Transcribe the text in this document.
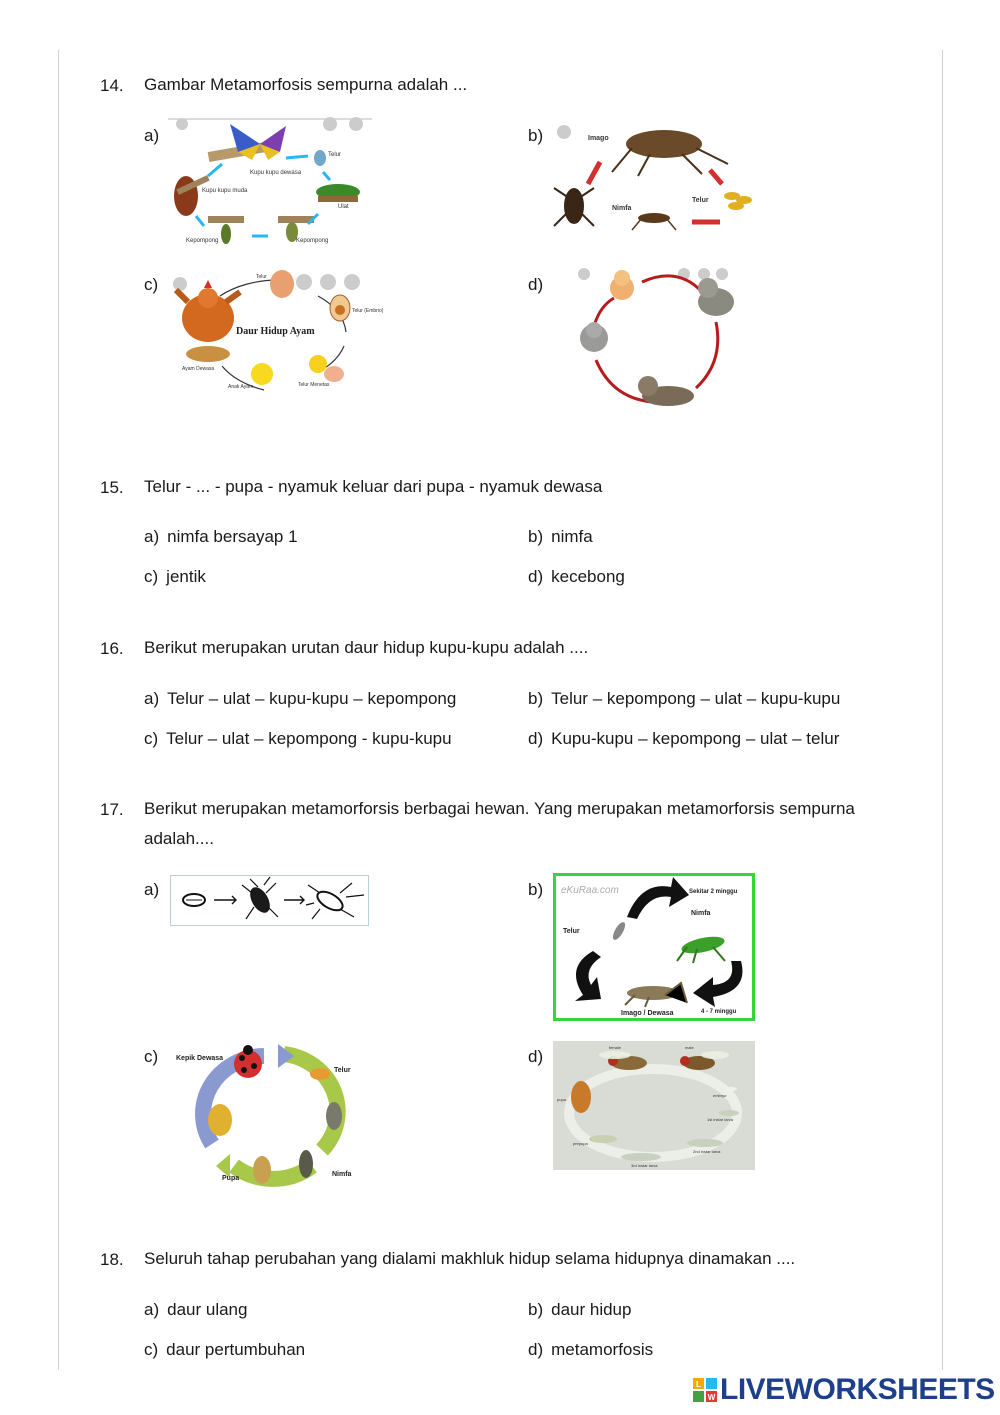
14. Gambar Metamorfosis sempurna adalah ...
a)
Telur
Kupu kupu dewasa
Kupu kupu muda
Ulat
Kepompong	Kepompong
b)	Imago
Telur
Nimfa
c)
Daur Hidup Ayam
Telur
Telur (Embrio)
Telur Menetas
Anak Ayam
Ayam Dewasa
d)
15. Telur - ... - pupa - nyamuk keluar dari pupa - nyamuk dewasa
a) nimfa bersayap 1	b) nimfa
c) jentik	d) kecebong
16. Berikut merupakan urutan daur hidup kupu-kupu adalah ....
a) Telur – ulat – kupu-kupu – kepompong	b) Telur – kepompong – ulat – kupu-kupu
c) Telur – ulat – kepompong - kupu-kupu	d) Kupu-kupu – kepompong – ulat – telur
17. Berikut merupakan metamorforsis berbagai hewan. Yang merupakan metamorforsis sempurna adalah....
a)	b)	eKuRaa.com	Sekitar 2 minggu
Nimfa
Telur
Imago / Dewasa	4 - 7 minggu
c)	Kepik Dewasa
Telur
Nimfa
Pupa
d)	female	male
embryo
1st instar larva
2nd instar larva
3rd instar larva
prepupa
pupa
18. Seluruh tahap perubahan yang dialami makhluk hidup selama hidupnya dinamakan ....
a) daur ulang	b) daur hidup
c) daur pertumbuhan	d) metamorfosis
L
W LIVEWORKSHEETS
